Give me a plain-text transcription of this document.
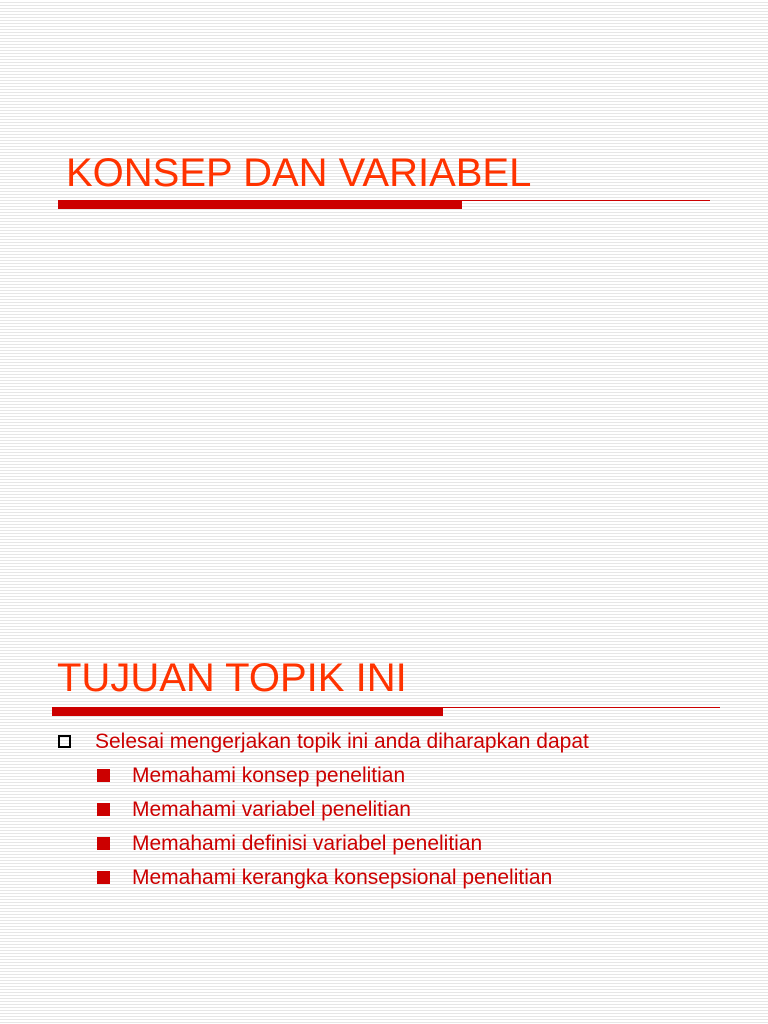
KONSEP DAN VARIABEL
TUJUAN TOPIK INI
Selesai mengerjakan topik ini anda diharapkan dapat
Memahami konsep penelitian
Memahami variabel penelitian
Memahami definisi variabel penelitian
Memahami kerangka konsepsional penelitian
